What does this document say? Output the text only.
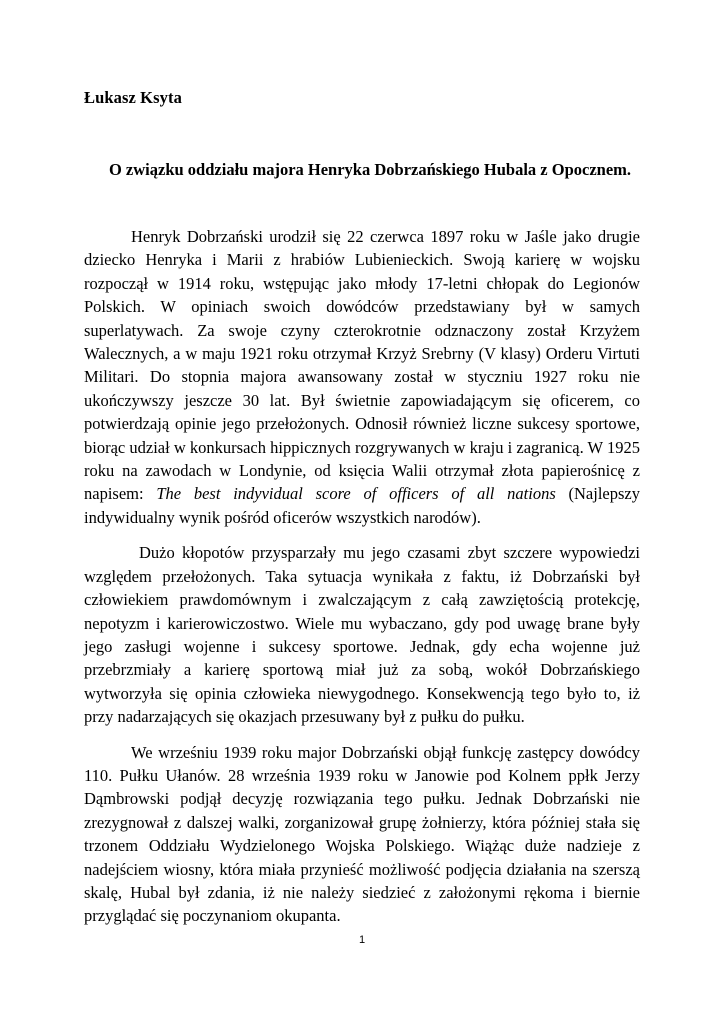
Łukasz Ksyta
O związku oddziału majora Henryka Dobrzańskiego Hubala z Opocznem.

Henryk Dobrzański urodził się 22 czerwca 1897 roku w Jaśle jako drugie dziecko Henryka i Marii z hrabiów Lubienieckich. Swoją karierę w wojsku rozpoczął w 1914 roku, wstępując jako młody 17-letni chłopak do Legionów Polskich. W opiniach swoich dowódców przedstawiany był w samych superlatywach. Za swoje czyny czterokrotnie odznaczony został Krzyżem Walecznych, a w maju 1921 roku otrzymał Krzyż Srebrny (V klasy) Orderu Virtuti Militari. Do stopnia majora awansowany został w styczniu 1927 roku nie ukończywszy jeszcze 30 lat. Był świetnie zapowiadającym się oficerem, co potwierdzają opinie jego przełożonych. Odnosił również liczne sukcesy sportowe, biorąc udział w konkursach hippicznych rozgrywanych w kraju i zagranicą. W 1925 roku na zawodach w Londynie, od księcia Walii otrzymał złota papierośnicę z napisem: The best indyvidual score of officers of all nations (Najlepszy indywidualny wynik pośród oficerów wszystkich narodów).

Dużo kłopotów przysparzały mu jego czasami zbyt szczere wypowiedzi względem przełożonych. Taka sytuacja wynikała z faktu, iż Dobrzański był człowiekiem prawdomównym i zwalczającym z całą zawziętością protekcję, nepotyzm i karierowiczostwo. Wiele mu wybaczano, gdy pod uwagę brane były jego zasługi wojenne i sukcesy sportowe. Jednak, gdy echa wojenne już przebrzmiały a karierę sportową miał już za sobą, wokół Dobrzańskiego wytworzyła się opinia człowieka niewygodnego. Konsekwencją tego było to, iż przy nadarzających się okazjach przesuwany był z pułku do pułku.

We wrześniu 1939 roku major Dobrzański objął funkcję zastępcy dowódcy 110. Pułku Ułanów. 28 września 1939 roku w Janowie pod Kolnem ppłk Jerzy Dąmbrowski podjął decyzję rozwiązania tego pułku. Jednak Dobrzański nie zrezygnował z dalszej walki, zorganizował grupę żołnierzy, która później stała się trzonem Oddziału Wydzielonego Wojska Polskiego. Wiążąc duże nadzieje z nadejściem wiosny, która miała przynieść możliwość podjęcia działania na szerszą skalę, Hubal był zdania, iż nie należy siedzieć z założonymi rękoma i biernie przyglądać się poczynaniom okupanta.

1
